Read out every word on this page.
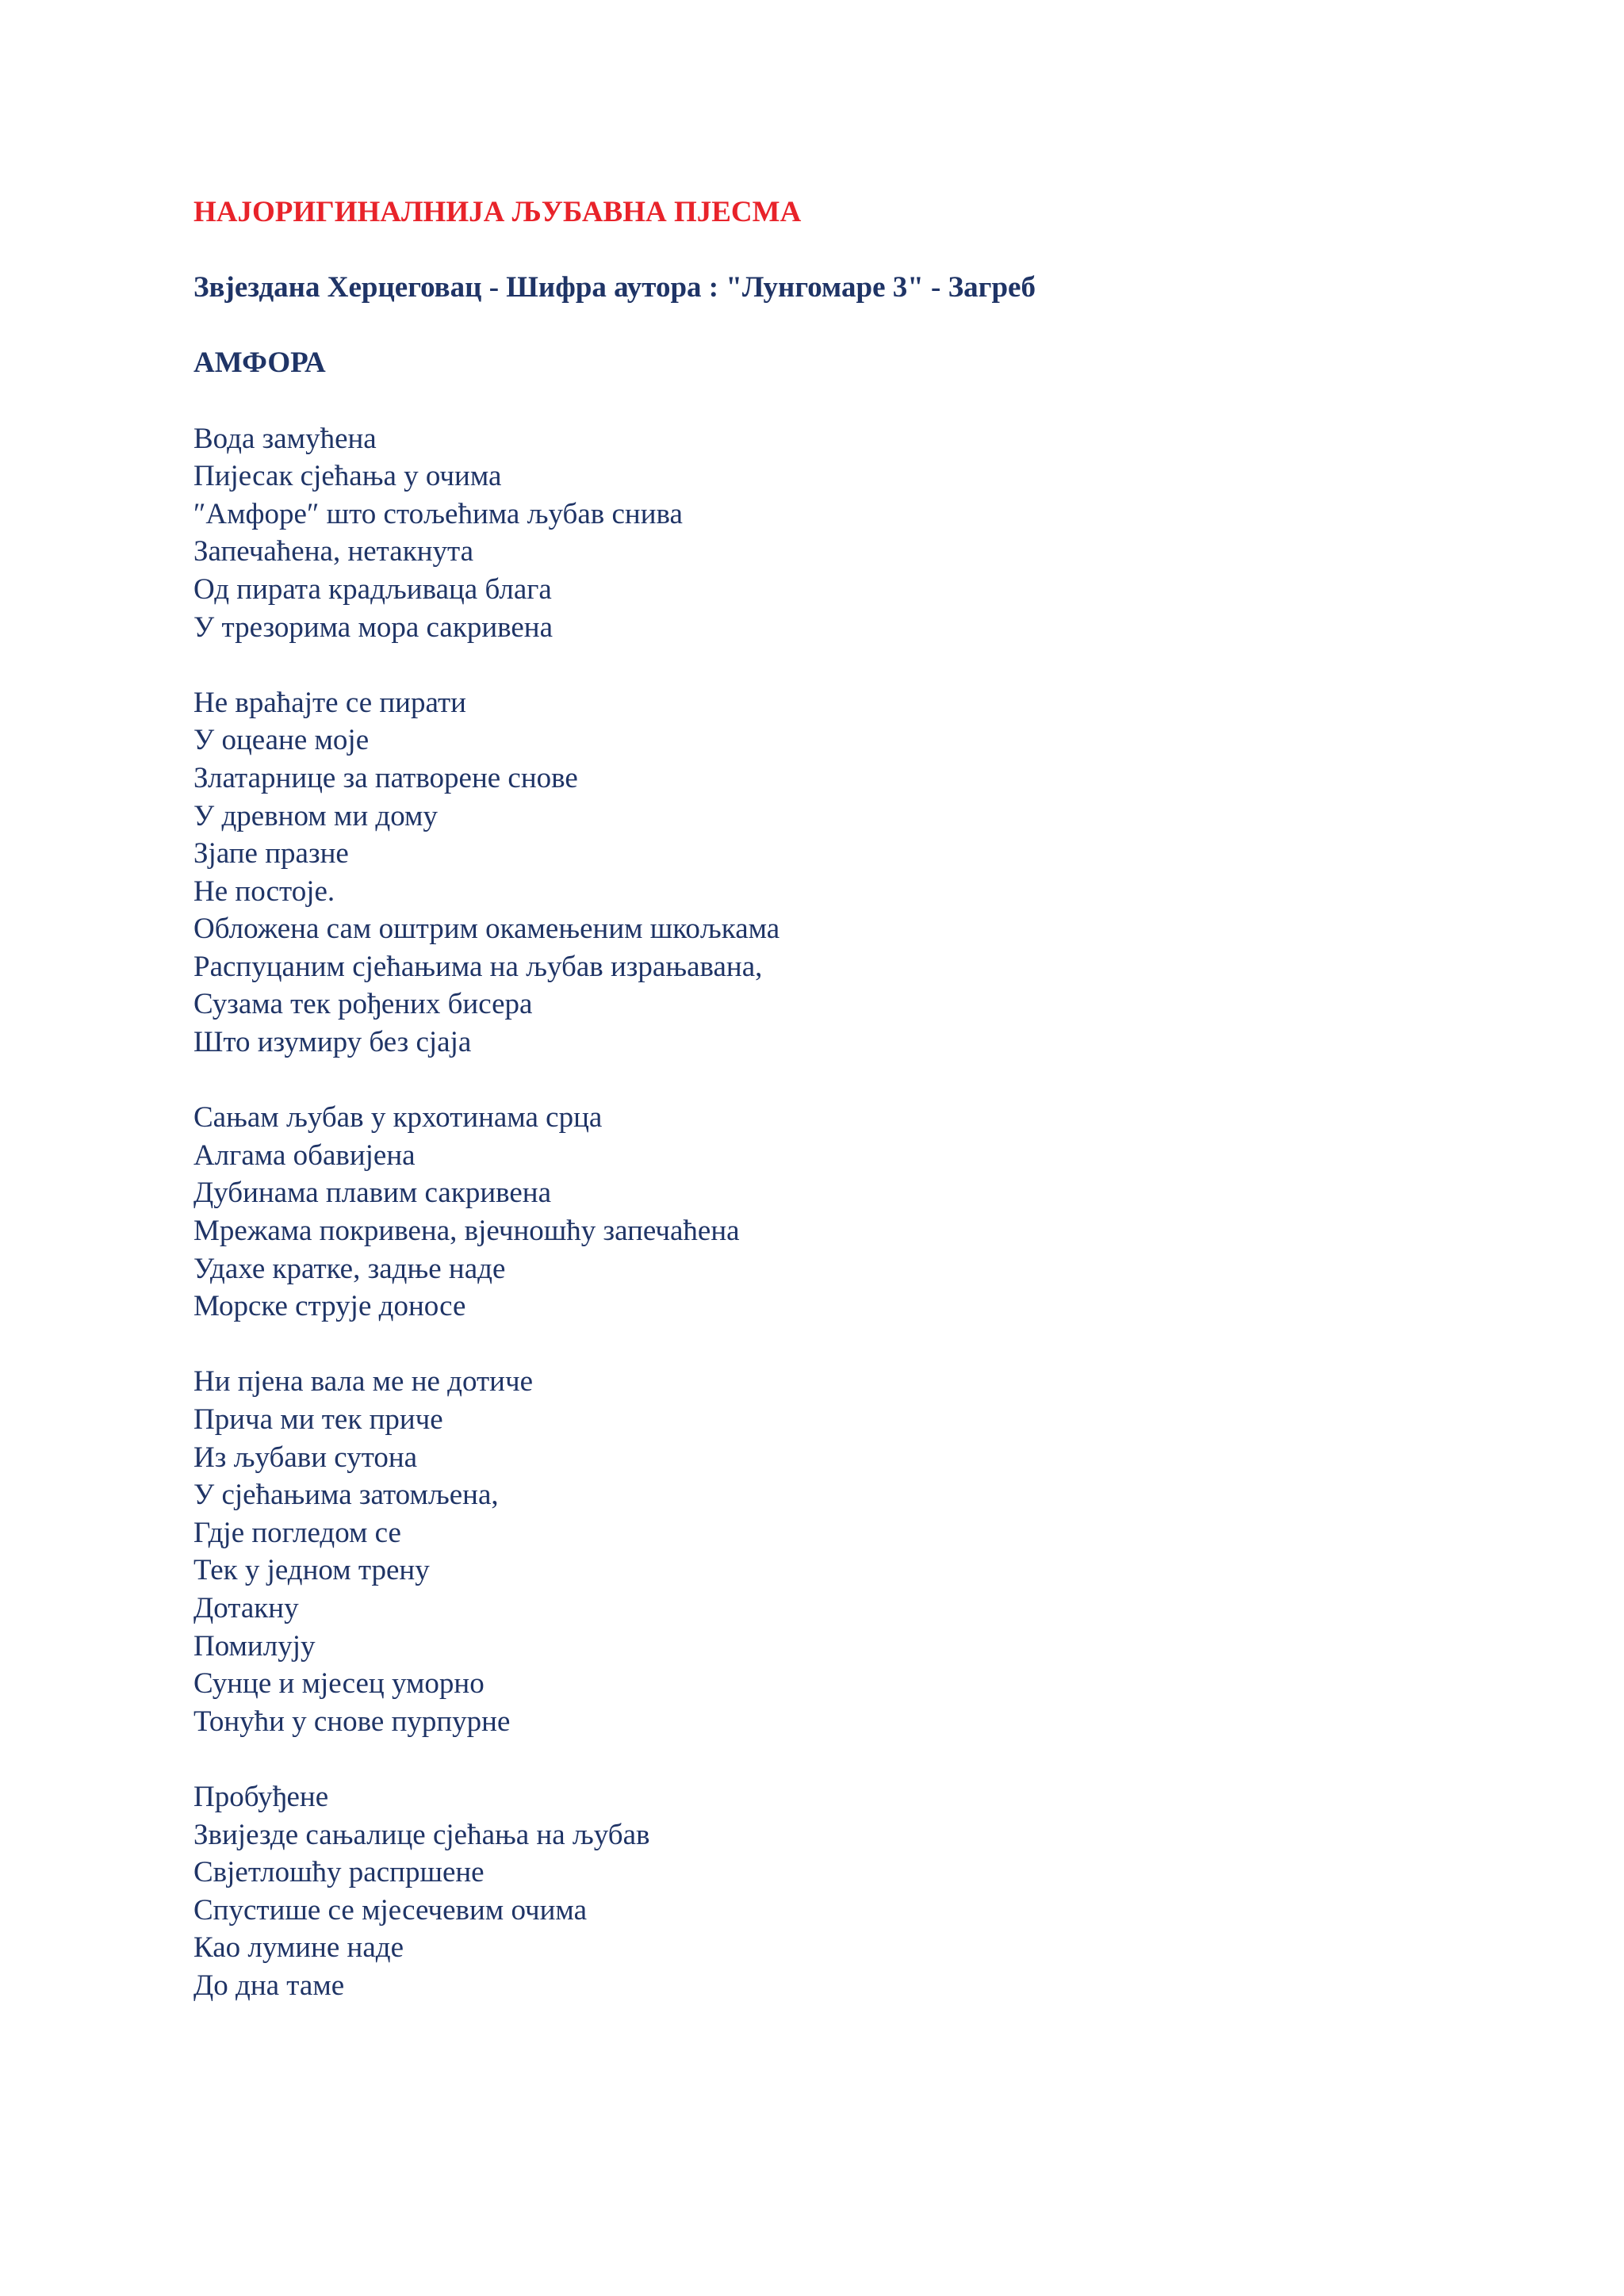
НАЈОРИГИНАЛНИЈА ЉУБАВНА ПЈЕСМА
Звјездана Херцеговац - Шифра аутора : "Лунгомаре 3" - Загреб
АМФОРА
Вода замућена
Пијесак сјећања у очима
″Амфоре″ што стољећима љубав снива
Запечаћена, нетакнута
Од пирата крадљиваца блага
У трезорима мора сакривена
Не враћајте се пирати
У оцеане моје
Златарнице за патворене снове
У древном ми дому
Зјапе празне
Не постоје.
Обложена сам оштрим окамењеним шкољкама
Распуцаним сјећањима на љубав израњавана,
Сузама тек рођених бисера
Што изумиру без сјаја
Сањам љубав у крхотинама срца
Алгама обавијена
Дубинама плавим сакривена
Мрежама покривена, вјечношћу запечаћена
Удахе кратке, задње наде
Морске струје доносе
Ни пјена вала ме не дотиче
Прича ми тек приче
Из љубави сутона
У сјећањима затомљена,
Гдје погледом се
Тек у једном трену
Дотакну
Помилују
Сунце и мјесец уморно
Тонући у снове пурпурне
Пробуђене
Звијезде сањалице сјећања на љубав
Свјетлошћу распршене
Спустише се мјесечевим очима
Као лумине наде
До дна таме
